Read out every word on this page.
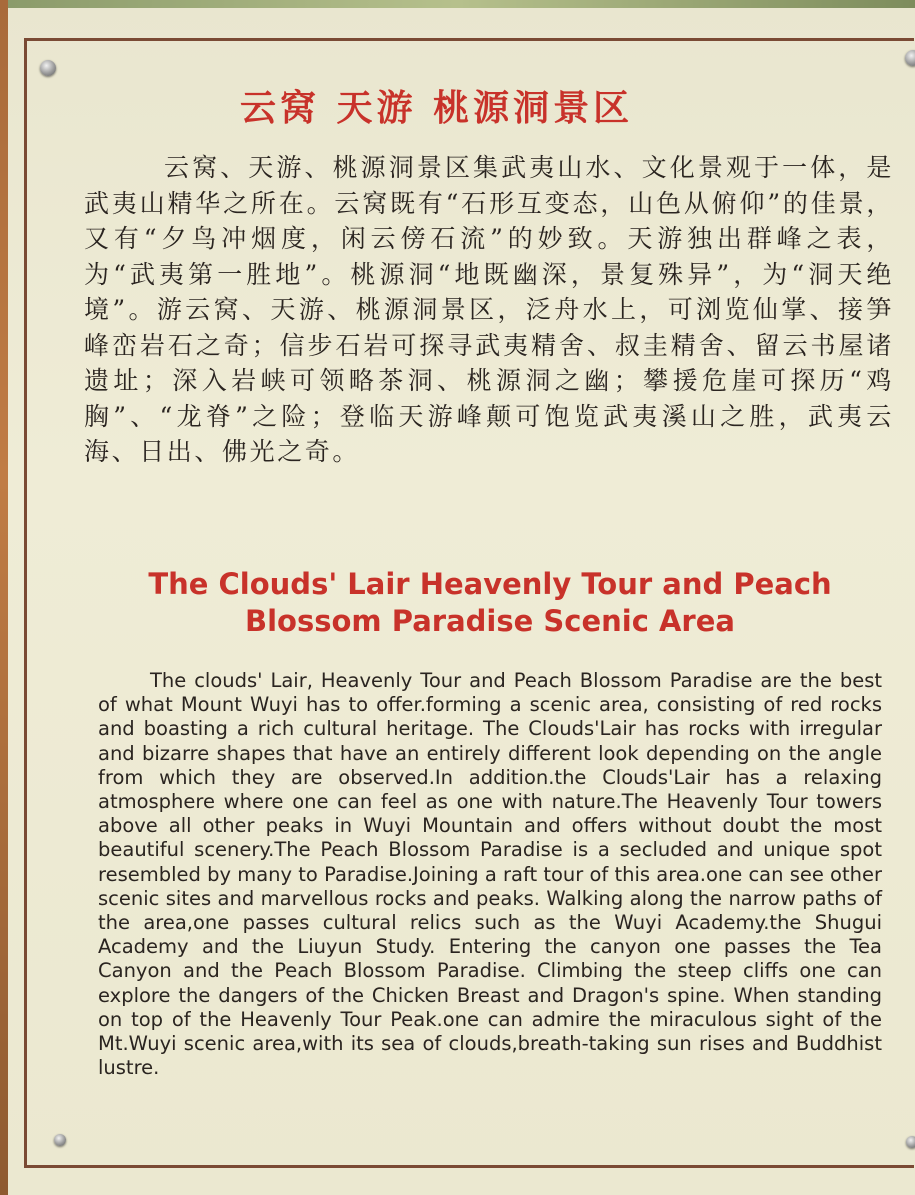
云窝 天游 桃源洞景区
云窝、天游、桃源洞景区集武夷山水、文化景观于一体，是武夷山精华之所在。云窝既有“石形互变态，山色从俯仰”的佳景，又有“夕鸟冲烟度，闲云傍石流”的妙致。天游独出群峰之表，为“武夷第一胜地”。桃源洞“地既幽深，景复殊异”，为“洞天绝境”。游云窝、天游、桃源洞景区，泛舟水上，可浏览仙掌、接笋峰峦岩石之奇；信步石岩可探寻武夷精舍、叔圭精舍、留云书屋诸遗址；深入岩峡可领略茶洞、桃源洞之幽；攀援危崖可探历“鸡胸”、“龙脊”之险；登临天游峰颠可饱览武夷溪山之胜，武夷云海、日出、佛光之奇。
The Clouds' Lair Heavenly Tour and Peach
Blossom Paradise Scenic Area
The clouds' Lair, Heavenly Tour and Peach Blossom Paradise are the best of what Mount Wuyi has to offer.forming a scenic area, consisting of red rocks and boasting a rich cultural heritage. The Clouds'Lair has rocks with irregular and bizarre shapes that have an entirely different look depending on the angle from which they are observed.In addition.the Clouds'Lair has a relaxing atmosphere where one can feel as one with nature.The Heavenly Tour towers above all other peaks in Wuyi Mountain and offers without doubt the most beautiful scenery.The Peach Blossom Paradise is a secluded and unique spot resembled by many to Paradise.Joining a raft tour of this area.one can see other scenic sites and marvellous rocks and peaks. Walking along the narrow paths of the area,one passes cultural relics such as the Wuyi Academy.the Shugui Academy and the Liuyun Study. Entering the canyon one passes the Tea Canyon and the Peach Blossom Paradise. Climbing the steep cliffs one can explore the dangers of the Chicken Breast and Dragon's spine. When standing on top of the Heavenly Tour Peak.one can admire the miraculous sight of the Mt.Wuyi scenic area,with its sea of clouds,breath-taking sun rises and Buddhist lustre.
